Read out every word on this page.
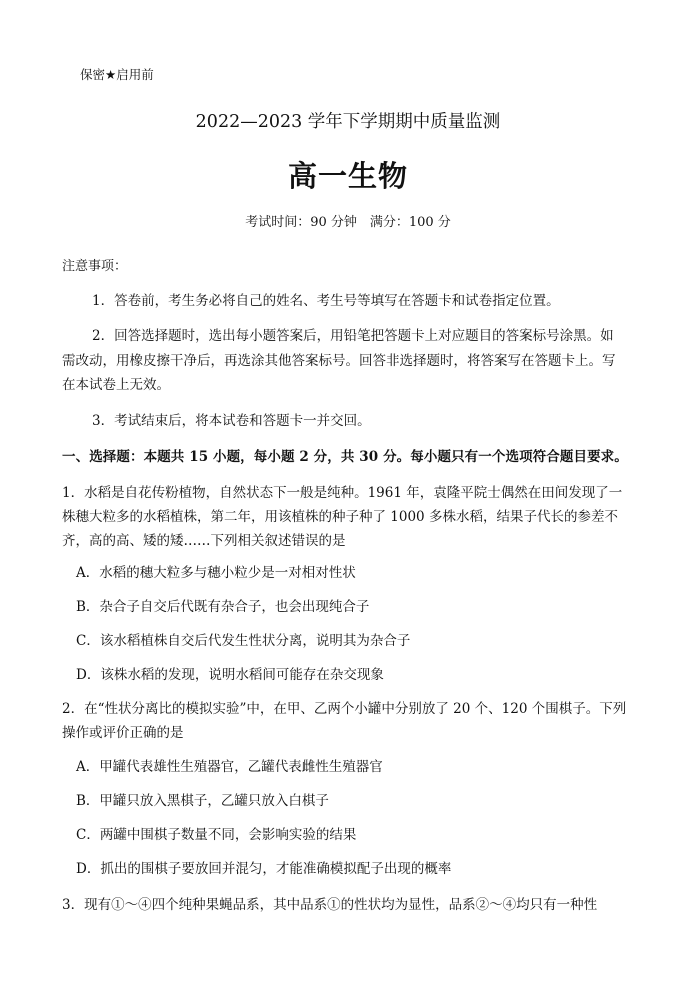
保密★启用前
2022—2023 学年下学期期中质量监测
高一生物
考试时间：90 分钟　满分：100 分
注意事项：
1．答卷前，考生务必将自己的姓名、考生号等填写在答题卡和试卷指定位置。
2．回答选择题时，选出每小题答案后，用铅笔把答题卡上对应题目的答案标号涂黑。如
需改动，用橡皮擦干净后，再选涂其他答案标号。回答非选择题时，将答案写在答题卡上。写
在本试卷上无效。
3．考试结束后，将本试卷和答题卡一并交回。
一、选择题：本题共 15 小题，每小题 2 分，共 30 分。每小题只有一个选项符合题目要求。
1．水稻是自花传粉植物，自然状态下一般是纯种。1961 年，袁隆平院士偶然在田间发现了一
株穗大粒多的水稻植株，第二年，用该植株的种子种了 1000 多株水稻，结果子代长的参差不
齐，高的高、矮的矮……下列相关叙述错误的是
A．水稻的穗大粒多与穗小粒少是一对相对性状
B．杂合子自交后代既有杂合子，也会出现纯合子
C．该水稻植株自交后代发生性状分离，说明其为杂合子
D．该株水稻的发现，说明水稻间可能存在杂交现象
2．在“性状分离比的模拟实验”中，在甲、乙两个小罐中分别放了 20 个、120 个围棋子。下列
操作或评价正确的是
A．甲罐代表雄性生殖器官，乙罐代表雌性生殖器官
B．甲罐只放入黑棋子，乙罐只放入白棋子
C．两罐中围棋子数量不同，会影响实验的结果
D．抓出的围棋子要放回并混匀，才能准确模拟配子出现的概率
3．现有①～④四个纯种果蝇品系，其中品系①的性状均为显性，品系②～④均只有一种性
